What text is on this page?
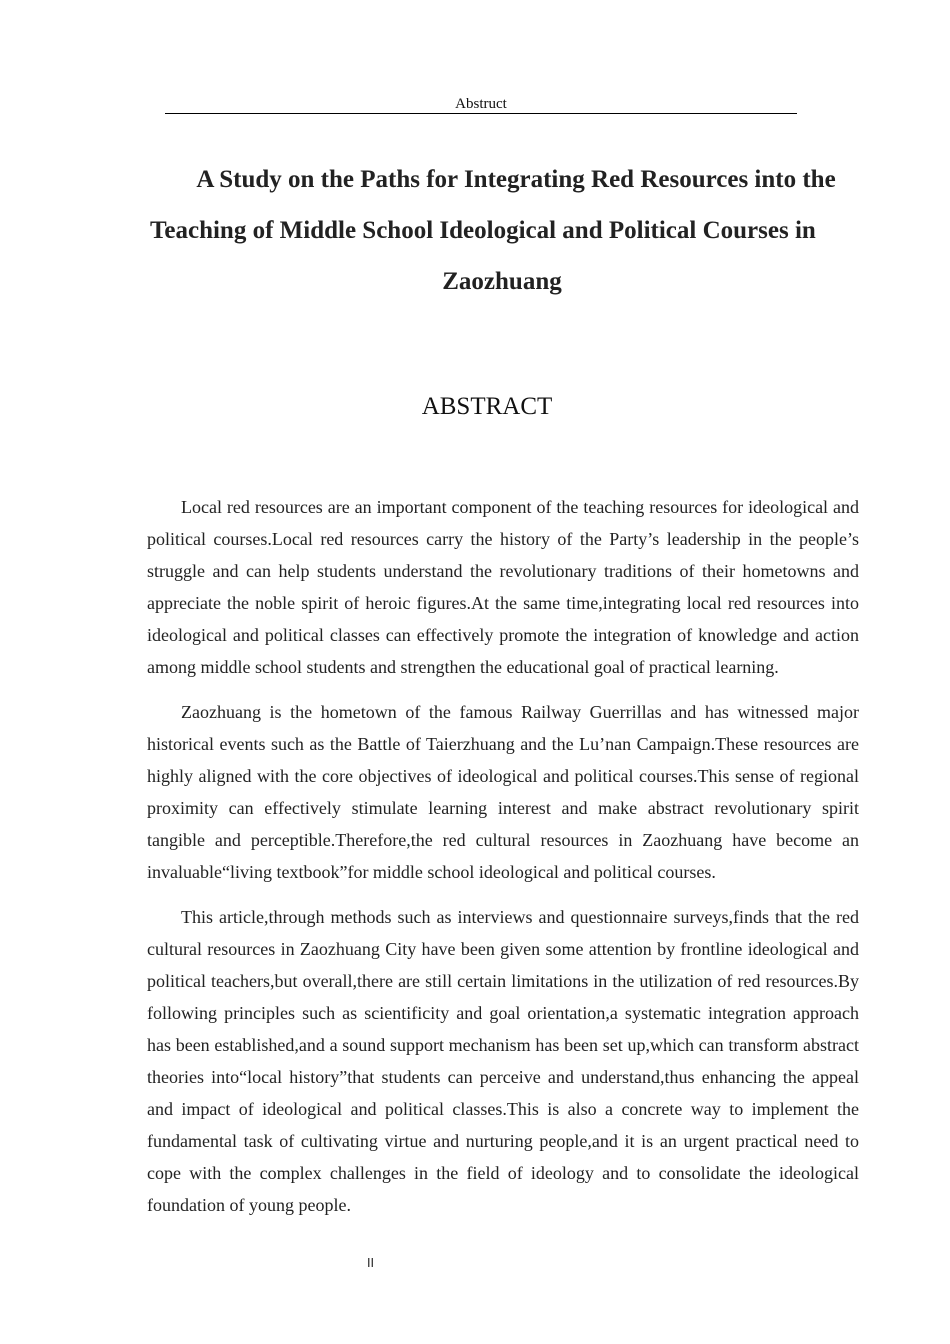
Abstruct
A Study on the Paths for Integrating Red Resources into the
Teaching of Middle School Ideological and Political Courses in
Zaozhuang
ABSTRACT

Local red resources are an important component of the teaching resources for ideological and political courses.Local red resources carry the history of the Party’s leadership in the people’s struggle and can help students understand the revolutionary traditions of their hometowns and appreciate the noble spirit of heroic figures.At the same time,integrating local red resources into ideological and political classes can effectively promote the integration of knowledge and action among middle school students and strengthen the educational goal of practical learning.

Zaozhuang is the hometown of the famous Railway Guerrillas and has witnessed major historical events such as the Battle of Taierzhuang and the Lu’nan Campaign.These resources are highly aligned with the core objectives of ideological and political courses.This sense of regional proximity can effectively stimulate learning interest and make abstract revolutionary spirit tangible and perceptible.Therefore,the red cultural resources in Zaozhuang have become an invaluable“living textbook”for middle school ideological and political courses.

This article,through methods such as interviews and questionnaire surveys,finds that the red cultural resources in Zaozhuang City have been given some attention by frontline ideological and political teachers,but overall,there are still certain limitations in the utilization of red resources.By following principles such as scientificity and goal orientation,a systematic integration approach has been established,and a sound support mechanism has been set up,which can transform abstract theories into“local history”that students can perceive and understand,thus enhancing the appeal and impact of ideological and political classes.This is also a concrete way to implement the fundamental task of cultivating virtue and nurturing people,and it is an urgent practical need to cope with the complex challenges in the field of ideology and to consolidate the ideological foundation of young people.

II
